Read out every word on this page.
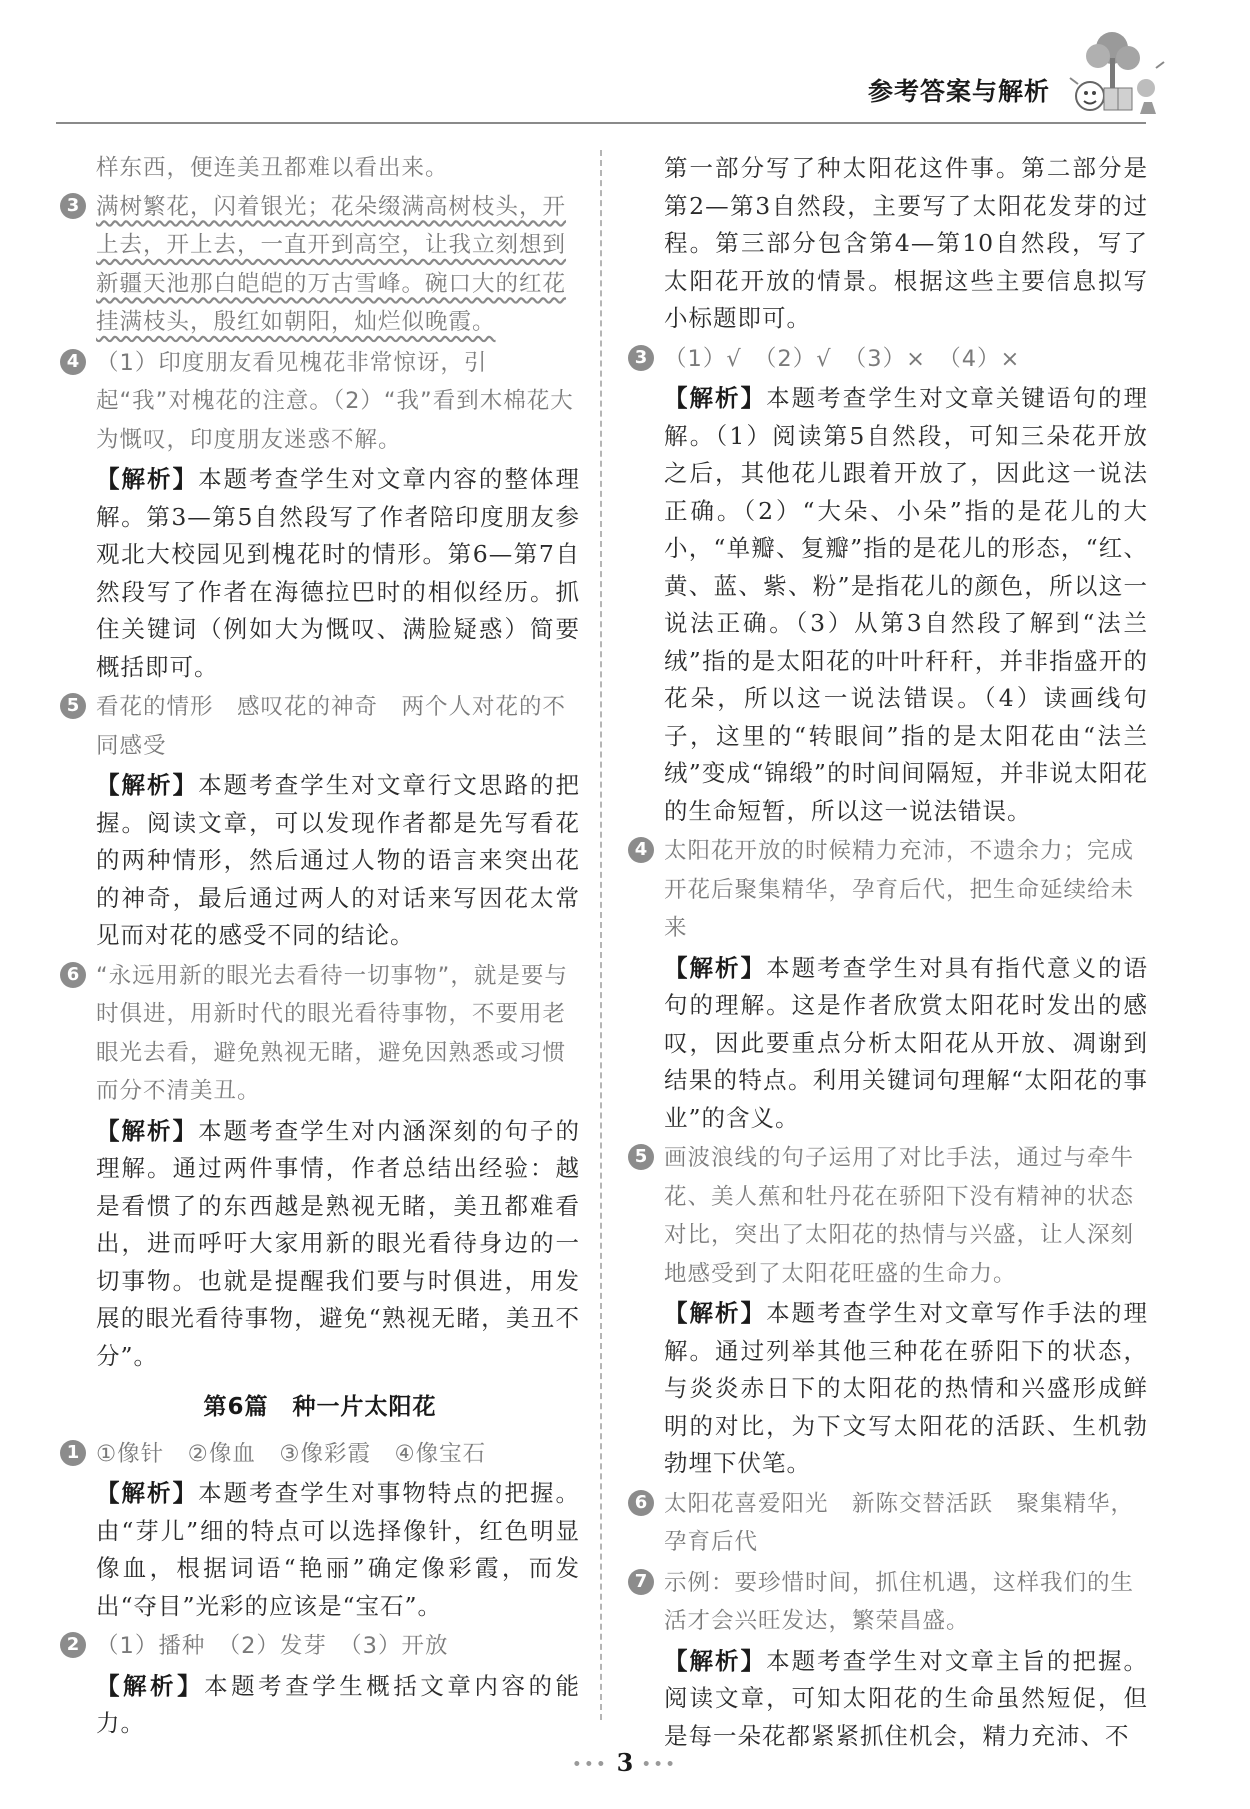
参考答案与解析
样东西，便连美丑都难以看出来。
3 满树繁花，闪着银光；花朵缀满高树枝头，开上去，开上去，一直开到高空，让我立刻想到新疆天池那白皑皑的万古雪峰。碗口大的红花挂满枝头，殷红如朝阳，灿烂似晚霞。
4 （1）印度朋友看见槐花非常惊讶，引起“我”对槐花的注意。（2）“我”看到木棉花大为慨叹，印度朋友迷惑不解。
【解析】本题考查学生对文章内容的整体理解。第3—第5自然段写了作者陪印度朋友参观北大校园见到槐花时的情形。第6—第7自然段写了作者在海德拉巴时的相似经历。抓住关键词（例如大为慨叹、满脸疑惑）简要概括即可。
5 看花的情形　感叹花的神奇　两个人对花的不同感受
【解析】本题考查学生对文章行文思路的把握。阅读文章，可以发现作者都是先写看花的两种情形，然后通过人物的语言来突出花的神奇，最后通过两人的对话来写因花太常见而对花的感受不同的结论。
6 “永远用新的眼光去看待一切事物”，就是要与时俱进，用新时代的眼光看待事物，不要用老眼光去看，避免熟视无睹，避免因熟悉或习惯而分不清美丑。
【解析】本题考查学生对内涵深刻的句子的理解。通过两件事情，作者总结出经验：越是看惯了的东西越是熟视无睹，美丑都难看出，进而呼吁大家用新的眼光看待身边的一切事物。也就是提醒我们要与时俱进，用发展的眼光看待事物，避免“熟视无睹，美丑不分”。
第6篇　种一片太阳花
1 ①像针　②像血　③像彩霞　④像宝石
【解析】本题考查学生对事物特点的把握。由“芽儿”细的特点可以选择像针，红色明显像血，根据词语“艳丽”确定像彩霞，而发出“夺目”光彩的应该是“宝石”。
2 （1）播种　（2）发芽　（3）开放
【解析】本题考查学生概括文章内容的能力。
第一部分写了种太阳花这件事。第二部分是第2—第3自然段，主要写了太阳花发芽的过程。第三部分包含第4—第10自然段，写了太阳花开放的情景。根据这些主要信息拟写小标题即可。
3 （1）√　（2）√　（3）×　（4）×
【解析】本题考查学生对文章关键语句的理解。（1）阅读第5自然段，可知三朵花开放之后，其他花儿跟着开放了，因此这一说法正确。（2）“大朵、小朵”指的是花儿的大小，“单瓣、复瓣”指的是花儿的形态，“红、黄、蓝、紫、粉”是指花儿的颜色，所以这一说法正确。（3）从第3自然段了解到“法兰绒”指的是太阳花的叶叶秆秆，并非指盛开的花朵，所以这一说法错误。（4）读画线句子，这里的“转眼间”指的是太阳花由“法兰绒”变成“锦缎”的时间间隔短，并非说太阳花的生命短暂，所以这一说法错误。
4 太阳花开放的时候精力充沛，不遗余力；完成开花后聚集精华，孕育后代，把生命延续给未来
【解析】本题考查学生对具有指代意义的语句的理解。这是作者欣赏太阳花时发出的感叹，因此要重点分析太阳花从开放、凋谢到结果的特点。利用关键词句理解“太阳花的事业”的含义。
5 画波浪线的句子运用了对比手法，通过与牵牛花、美人蕉和牡丹花在骄阳下没有精神的状态对比，突出了太阳花的热情与兴盛，让人深刻地感受到了太阳花旺盛的生命力。
【解析】本题考查学生对文章写作手法的理解。通过列举其他三种花在骄阳下的状态，与炎炎赤日下的太阳花的热情和兴盛形成鲜明的对比，为下文写太阳花的活跃、生机勃勃埋下伏笔。
6 太阳花喜爱阳光　新陈交替活跃　聚集精华，孕育后代
7 示例：要珍惜时间，抓住机遇，这样我们的生活才会兴旺发达，繁荣昌盛。
【解析】本题考查学生对文章主旨的把握。阅读文章，可知太阳花的生命虽然短促，但是每一朵花都紧紧抓住机会，精力充沛、不
••• 3 •••
